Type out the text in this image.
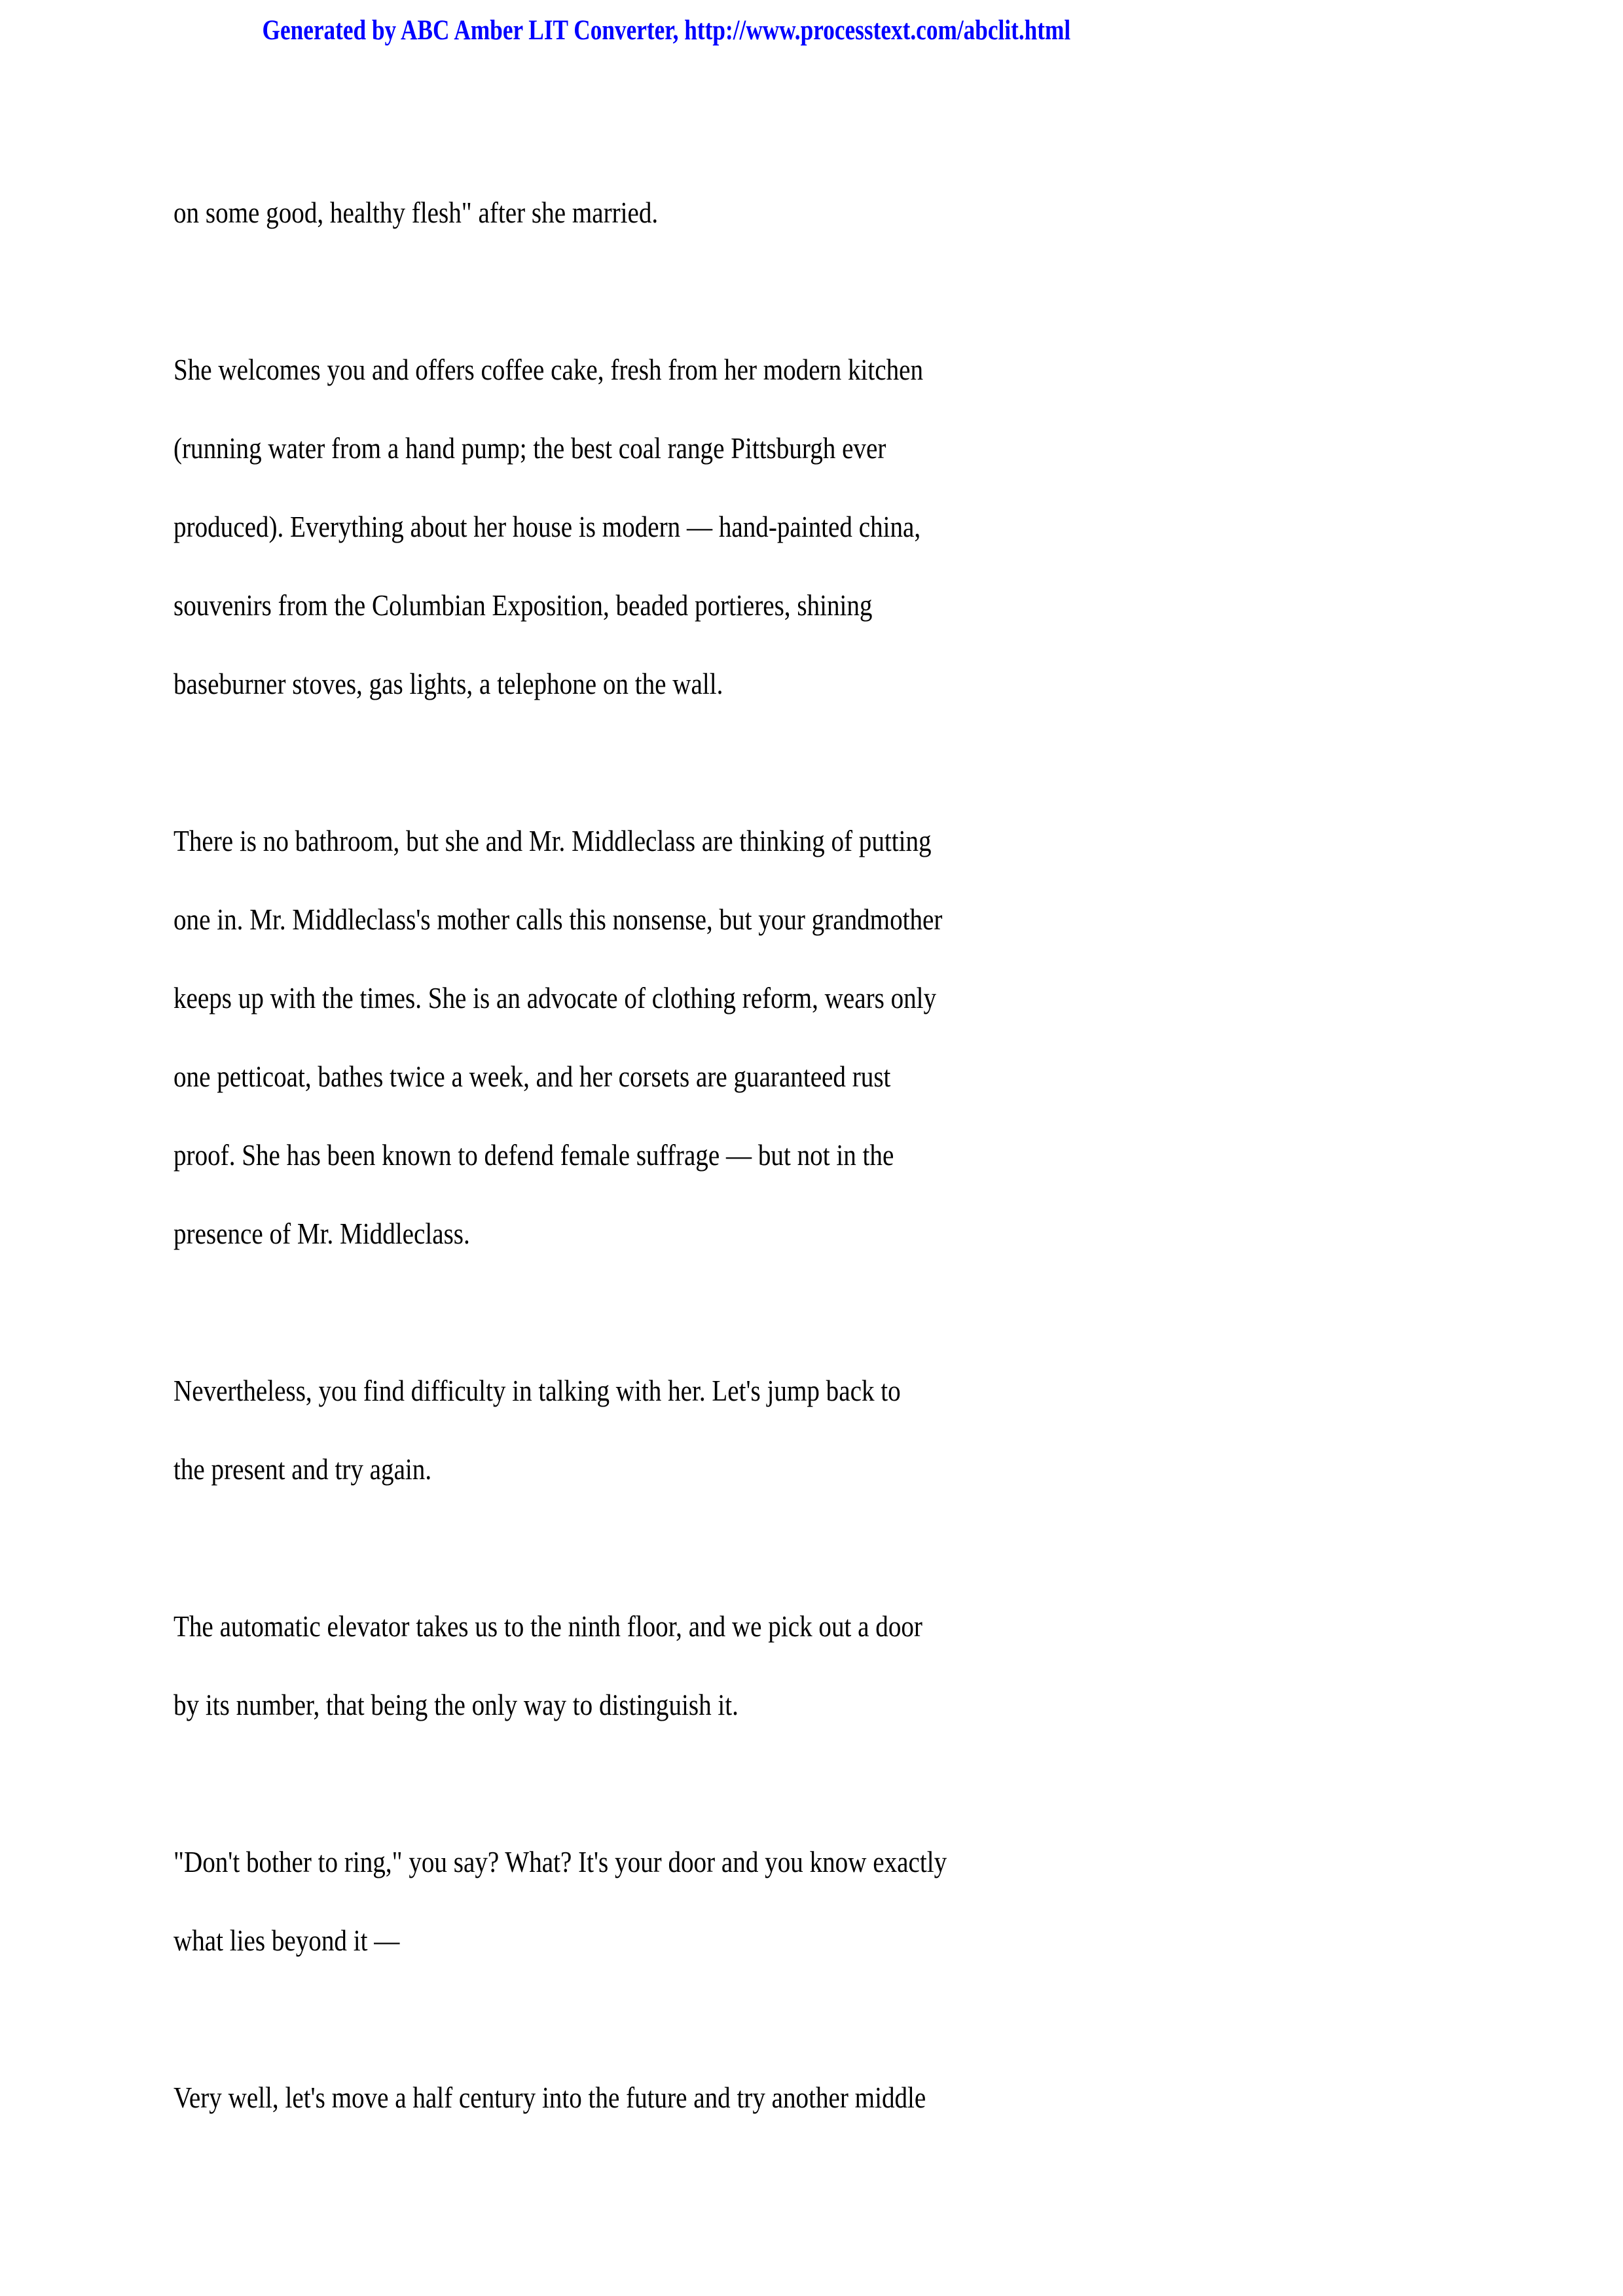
Generated by ABC Amber LIT Converter, http://www.processtext.com/abclit.html
on some good, healthy flesh" after she married.
She welcomes you and offers coffee cake, fresh from her modern kitchen
(running water from a hand pump; the best coal range Pittsburgh ever
produced). Everything about her house is modern — hand-painted china,
souvenirs from the Columbian Exposition, beaded portieres, shining
baseburner stoves, gas lights, a telephone on the wall.
There is no bathroom, but she and Mr. Middleclass are thinking of putting
one in. Mr. Middleclass's mother calls this nonsense, but your grandmother
keeps up with the times. She is an advocate of clothing reform, wears only
one petticoat, bathes twice a week, and her corsets are guaranteed rust
proof. She has been known to defend female suffrage — but not in the
presence of Mr. Middleclass.
Nevertheless, you find difficulty in talking with her. Let's jump back to
the present and try again.
The automatic elevator takes us to the ninth floor, and we pick out a door
by its number, that being the only way to distinguish it.
"Don't bother to ring," you say? What? It's your door and you know exactly
what lies beyond it —
Very well, let's move a half century into the future and try another middle
